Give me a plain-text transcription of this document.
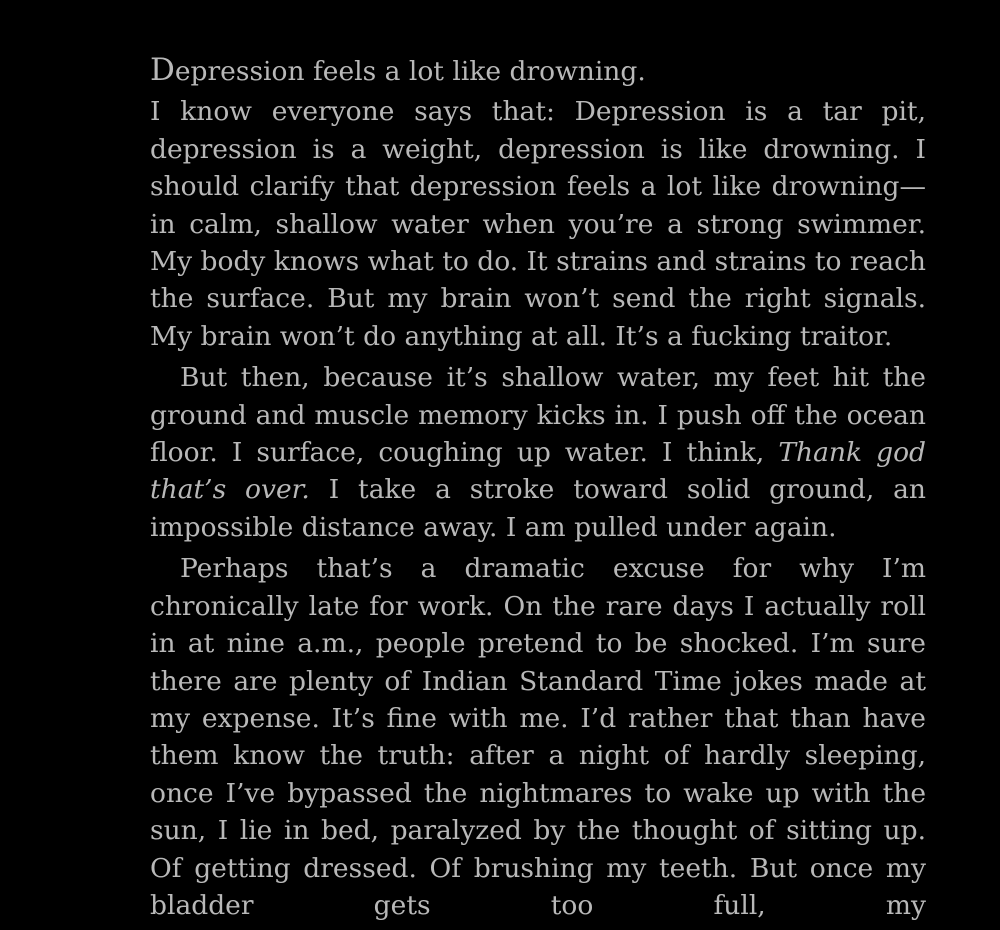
Depression feels a lot like drowning.

I know everyone says that: Depression is a tar pit, depression is a weight, depression is like drowning. I should clarify that depression feels a lot like drowning—in calm, shallow water when you’re a strong swimmer. My body knows what to do. It strains and strains to reach the surface. But my brain won’t send the right signals. My brain won’t do anything at all. It’s a fucking traitor.

But then, because it’s shallow water, my feet hit the ground and muscle memory kicks in. I push off the ocean floor. I surface, coughing up water. I think, Thank god that’s over. I take a stroke toward solid ground, an impossible distance away. I am pulled under again.

Perhaps that’s a dramatic excuse for why I’m chronically late for work. On the rare days I actually roll in at nine a.m., people pretend to be shocked. I’m sure there are plenty of Indian Standard Time jokes made at my expense. It’s fine with me. I’d rather that than have them know the truth: after a night of hardly sleeping, once I’ve bypassed the nightmares to wake up with the sun, I lie in bed, paralyzed by the thought of sitting up. Of getting dressed. Of brushing my teeth. But once my bladder gets too full, my
